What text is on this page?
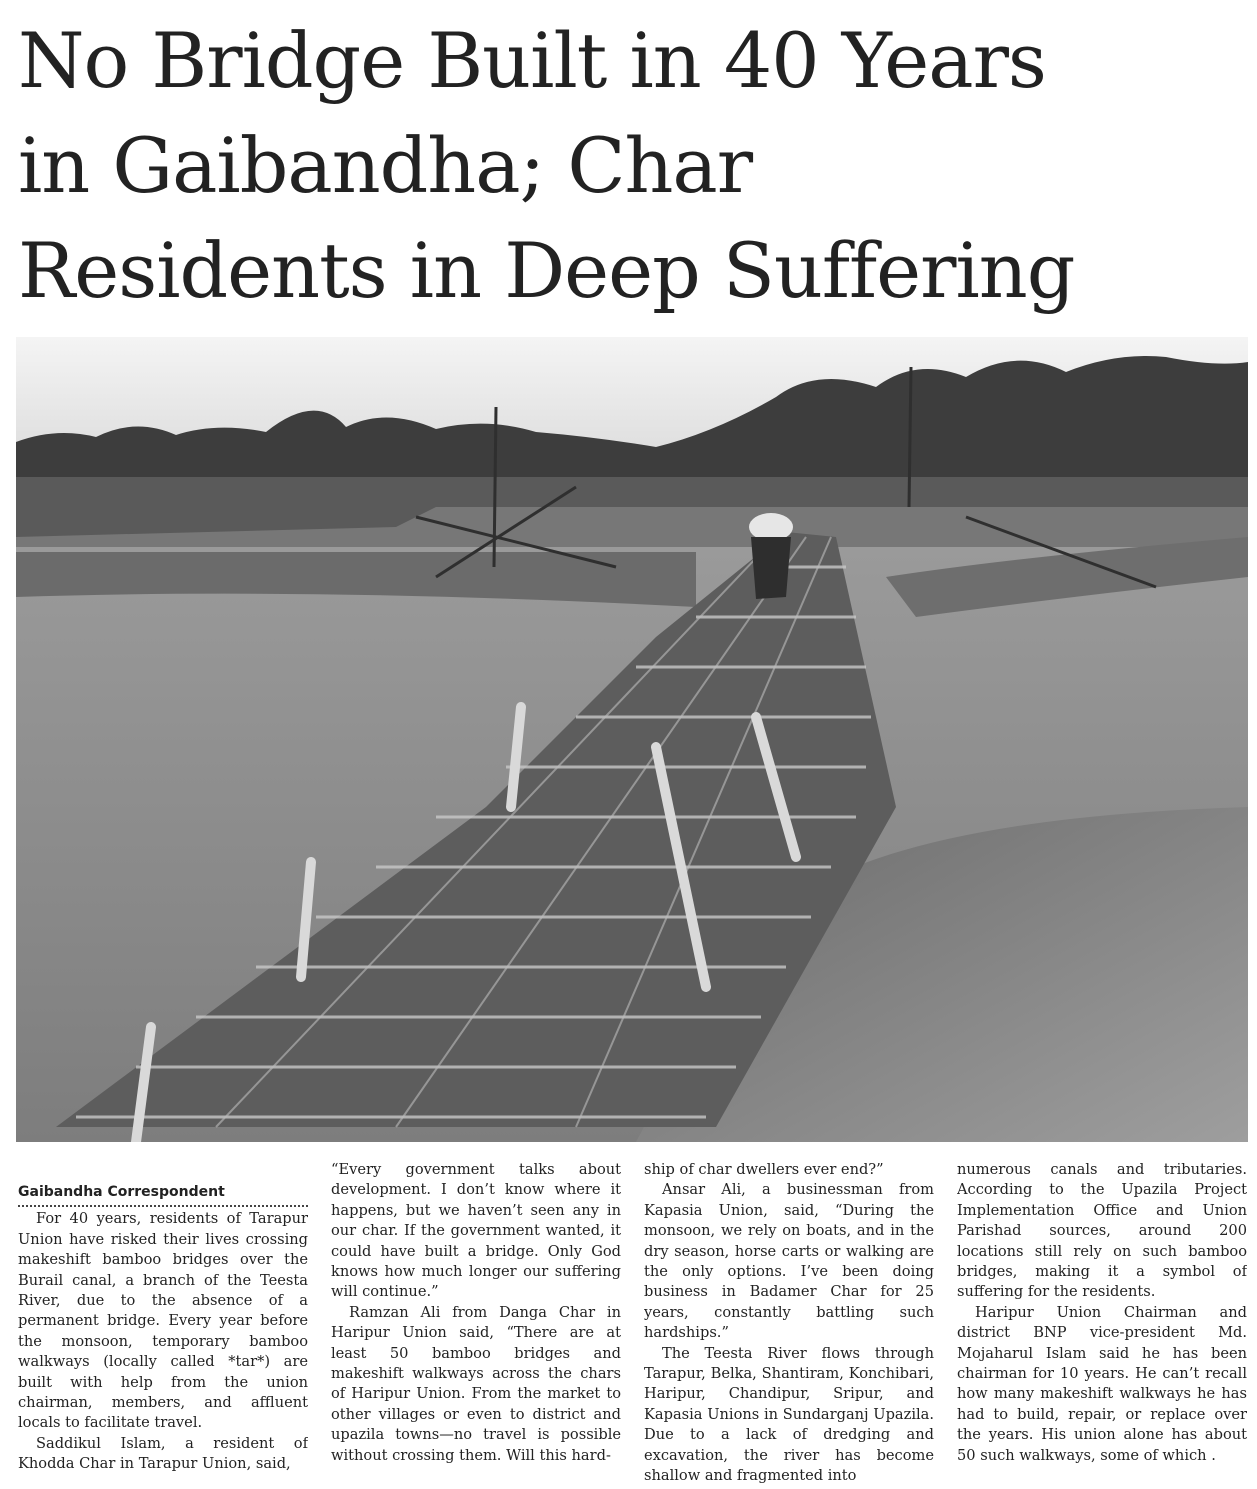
No Bridge Built in 40 Years
in Gaibandha; Char
Residents in Deep Suffering
Gaibandha Correspondent

For 40 years, residents of Tarapur Union have risked their lives crossing makeshift bamboo bridges over the Burail canal, a branch of the Teesta River, due to the absence of a permanent bridge. Every year before the monsoon, temporary bamboo walkways (locally called *tar*) are built with help from the union chairman, members, and affluent locals to facilitate travel.

Saddikul Islam, a resident of Khodda Char in Tarapur Union, said,

“Every government talks about development. I don’t know where it happens, but we haven’t seen any in our char. If the government wanted, it could have built a bridge. Only God knows how much longer our suffering will continue.”

Ramzan Ali from Danga Char in Haripur Union said, “There are at least 50 bamboo bridges and makeshift walkways across the chars of Haripur Union. From the market to other villages or even to district and upazila towns—no travel is possible without crossing them. Will this hard-

ship of char dwellers ever end?”

Ansar Ali, a businessman from Kapasia Union, said, “During the monsoon, we rely on boats, and in the dry season, horse carts or walking are the only options. I’ve been doing business in Badamer Char for 25 years, constantly battling such hardships.”

The Teesta River flows through Tarapur, Belka, Shantiram, Konchibari, Haripur, Chandipur, Sripur, and Kapasia Unions in Sundarganj Upazila. Due to a lack of dredging and excavation, the river has become shallow and fragmented into

numerous canals and tributaries. According to the Upazila Project Implementation Office and Union Parishad sources, around 200 locations still rely on such bamboo bridges, making it a symbol of suffering for the residents.

Haripur Union Chairman and district BNP vice-president Md. Mojaharul Islam said he has been chairman for 10 years. He can’t recall how many makeshift walkways he has had to build, repair, or replace over the years. His union alone has about 50 such walkways, some of which .
